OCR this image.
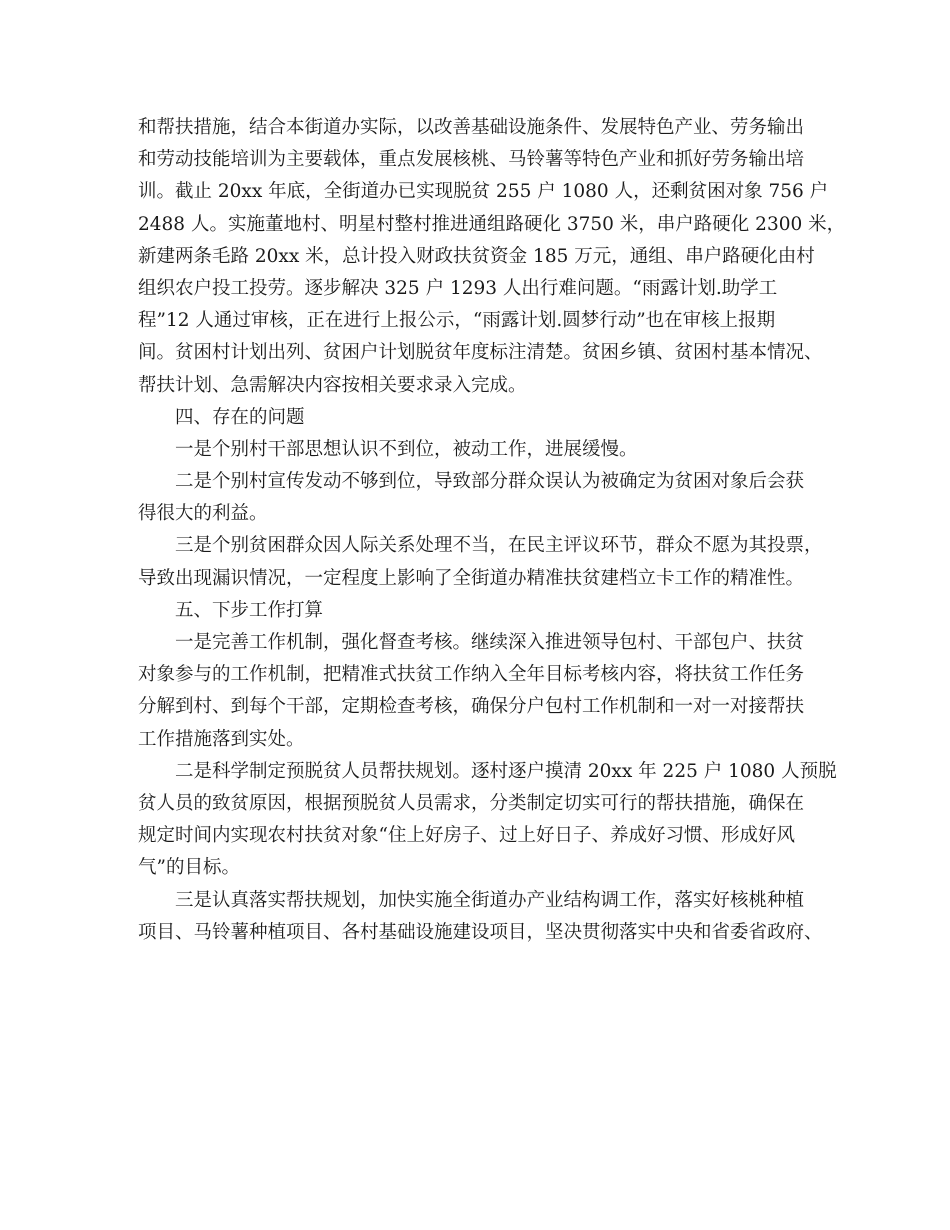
和帮扶措施，结合本街道办实际，以改善基础设施条件、发展特色产业、劳务输出
和劳动技能培训为主要载体，重点发展核桃、马铃薯等特色产业和抓好劳务输出培
训。截止 20xx 年底，全街道办已实现脱贫 255 户 1080 人，还剩贫困对象 756 户
2488 人。实施董地村、明星村整村推进通组路硬化 3750 米，串户路硬化 2300 米，
新建两条毛路 20xx 米，总计投入财政扶贫资金 185 万元，通组、串户路硬化由村
组织农户投工投劳。逐步解决 325 户 1293 人出行难问题。“雨露计划.助学工
程”12 人通过审核，正在进行上报公示，“雨露计划.圆梦行动”也在审核上报期
间。贫困村计划出列、贫困户计划脱贫年度标注清楚。贫困乡镇、贫困村基本情况、
帮扶计划、急需解决内容按相关要求录入完成。
四、存在的问题
一是个别村干部思想认识不到位，被动工作，进展缓慢。
二是个别村宣传发动不够到位，导致部分群众误认为被确定为贫困对象后会获
得很大的利益。
三是个别贫困群众因人际关系处理不当，在民主评议环节，群众不愿为其投票，
导致出现漏识情况，一定程度上影响了全街道办精准扶贫建档立卡工作的精准性。
五、下步工作打算
一是完善工作机制，强化督查考核。继续深入推进领导包村、干部包户、扶贫
对象参与的工作机制，把精准式扶贫工作纳入全年目标考核内容，将扶贫工作任务
分解到村、到每个干部，定期检查考核，确保分户包村工作机制和一对一对接帮扶
工作措施落到实处。
二是科学制定预脱贫人员帮扶规划。逐村逐户摸清 20xx 年 225 户 1080 人预脱
贫人员的致贫原因，根据预脱贫人员需求，分类制定切实可行的帮扶措施，确保在
规定时间内实现农村扶贫对象“住上好房子、过上好日子、养成好习惯、形成好风
气”的目标。
三是认真落实帮扶规划，加快实施全街道办产业结构调工作，落实好核桃种植
项目、马铃薯种植项目、各村基础设施建设项目，坚决贯彻落实中央和省委省政府、
